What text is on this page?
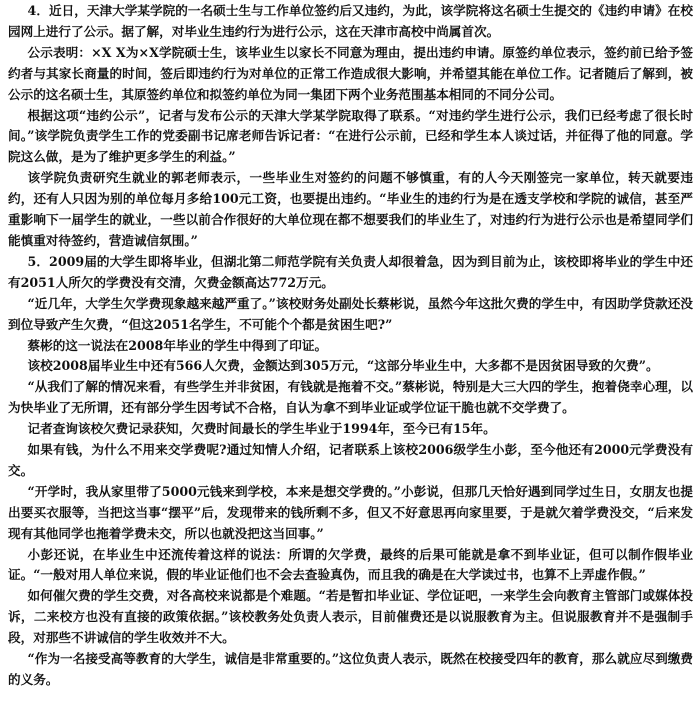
4．近日，天津大学某学院的一名硕士生与工作单位签约后又违约，为此，该学院将这名硕士生提交的《违约申请》在校园网上进行了公示。据了解，对毕业生违约行为进行公示，这在天津市高校中尚属首次。

公示表明：×X X为×X学院硕士生，该毕业生以家长不同意为理由，提出违约申请。原签约单位表示，签约前已给予签约者与其家长商量的时间，签后即违约行为对单位的正常工作造成很大影响，并希望其能在单位工作。记者随后了解到，被公示的这名硕士生，其原签约单位和拟签约单位为同一集团下两个业务范围基本相同的不同分公司。

根据这项“违约公示”，记者与发布公示的天津大学某学院取得了联系。“对违约学生进行公示，我们已经考虑了很长时间。”该学院负责学生工作的党委副书记席老师告诉记者：“在进行公示前，已经和学生本人谈过话，并征得了他的同意。学院这么做，是为了维护更多学生的利益。”

该学院负责研究生就业的郭老师表示，一些毕业生对签约的问题不够慎重，有的人今天刚签完一家单位，转天就要违约，还有人只因为别的单位每月多给100元工资，也要提出违约。“毕业生的违约行为是在透支学校和学院的诚信，甚至严重影响下一届学生的就业，一些以前合作很好的大单位现在都不想要我们的毕业生了，对违约行为进行公示也是希望同学们能慎重对待签约，营造诚信氛围。”

5．2009届的大学生即将毕业，但湖北第二师范学院有关负责人却很着急，因为到目前为止，该校即将毕业的学生中还有2051人所欠的学费没有交清，欠费金额高达772万元。

“近几年，大学生欠学费现象越来越严重了。”该校财务处副处长蔡彬说，虽然今年这批欠费的学生中，有因助学贷款还没到位导致产生欠费，“但这2051名学生，不可能个个都是贫困生吧?”

蔡彬的这一说法在2008年毕业的学生中得到了印证。

该校2008届毕业生中还有566人欠费，金额达到305万元，“这部分毕业生中，大多都不是因贫困导致的欠费”。

“从我们了解的情况来看，有些学生并非贫困，有钱就是拖着不交。”蔡彬说，特别是大三大四的学生，抱着侥幸心理，以为快毕业了无所谓，还有部分学生因考试不合格，自认为拿不到毕业证或学位证干脆也就不交学费了。

记者查询该校欠费记录获知，欠费时间最长的学生毕业于1994年，至今已有15年。

如果有钱，为什么不用来交学费呢?通过知情人介绍，记者联系上该校2006级学生小彭，至今他还有2000元学费没有交。

“开学时，我从家里带了5000元钱来到学校，本来是想交学费的。”小彭说，但那几天恰好遇到同学过生日，女朋友也提出要买衣服等，当把这当事“摆平”后，发现带来的钱所剩不多，但又不好意思再向家里要，于是就欠着学费没交，“后来发现有其他同学也拖着学费未交，所以也就没把这当回事。”

小彭还说，在毕业生中还流传着这样的说法：所谓的欠学费，最终的后果可能就是拿不到毕业证，但可以制作假毕业证。“一般对用人单位来说，假的毕业证他们也不会去查验真伪，而且我的确是在大学读过书，也算不上弄虚作假。”

如何催欠费的学生交费，对各高校来说都是个难题。“若是暂扣毕业证、学位证吧，一来学生会向教育主管部门或媒体投诉，二来校方也没有直接的政策依据。”该校教务处负责人表示，目前催费还是以说服教育为主。但说服教育并不是强制手段，对那些不讲诚信的学生收效并不大。

“作为一名接受高等教育的大学生，诚信是非常重要的。”这位负责人表示，既然在校接受四年的教育，那么就应尽到缴费的义务。
